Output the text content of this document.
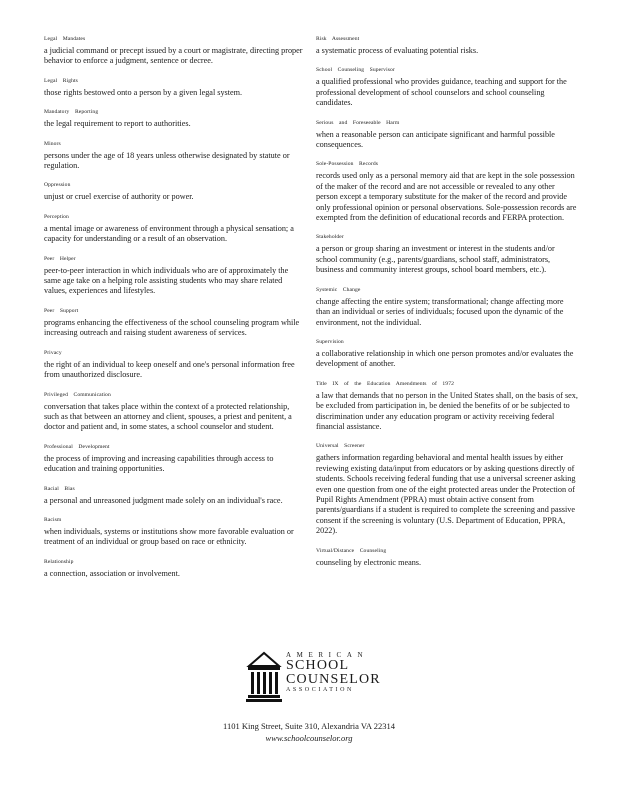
Legal Mandates
a judicial command or precept issued by a court or magistrate, directing proper behavior to enforce a judgment, sentence or decree.
Legal Rights
those rights bestowed onto a person by a given legal system.
Mandatory Reporting
the legal requirement to report to authorities.
Minors
persons under the age of 18 years unless otherwise designated by statute or regulation.
Oppression
unjust or cruel exercise of authority or power.
Perception
a mental image or awareness of environment through a physical sensation; a capacity for understanding or a result of an observation.
Peer Helper
peer-to-peer interaction in which individuals who are of approximately the same age take on a helping role assisting students who may share related values, experiences and lifestyles.
Peer Support
programs enhancing the effectiveness of the school counseling program while increasing outreach and raising student awareness of services.
Privacy
the right of an individual to keep oneself and one's personal information free from unauthorized disclosure.
Privileged Communication
conversation that takes place within the context of a protected relationship, such as that between an attorney and client, spouses, a priest and penitent, a doctor and patient and, in some states, a school counselor and student.
Professional Development
the process of improving and increasing capabilities through access to education and training opportunities.
Racial Bias
a personal and unreasoned judgment made solely on an individual's race.
Racism
when individuals, systems or institutions show more favorable evaluation or treatment of an individual or group based on race or ethnicity.
Relationship
a connection, association or involvement.
Risk Assessment
a systematic process of evaluating potential risks.
School Counseling Supervisor
a qualified professional who provides guidance, teaching and support for the professional development of school counselors and school counseling candidates.
Serious and Foreseeable Harm
when a reasonable person can anticipate significant and harmful possible consequences.
Sole-Possession Records
records used only as a personal memory aid that are kept in the sole possession of the maker of the record and are not accessible or revealed to any other person except a temporary substitute for the maker of the record and provide only professional opinion or personal observations. Sole-possession records are exempted from the definition of educational records and FERPA protection.
Stakeholder
a person or group sharing an investment or interest in the students and/or school community (e.g., parents/guardians, school staff, administrators, business and community interest groups, school board members, etc.).
Systemic Change
change affecting the entire system; transformational; change affecting more than an individual or series of individuals; focused upon the dynamic of the environment, not the individual.
Supervision
a collaborative relationship in which one person promotes and/or evaluates the development of another.
Title IX of the Education Amendments of 1972
a law that demands that no person in the United States shall, on the basis of sex, be excluded from participation in, be denied the benefits of or be subjected to discrimination under any education program or activity receiving federal financial assistance.
Universal Screener
gathers information regarding behavioral and mental health issues by either reviewing existing data/input from educators or by asking questions directly of students. Schools receiving federal funding that use a universal screener asking even one question from one of the eight protected areas under the Protection of Pupil Rights Amendment (PPRA) must obtain active consent from parents/guardians if a student is required to complete the screening and passive consent if the screening is voluntary (U.S. Department of Education, PPRA, 2022).
Virtual/Distance Counseling
counseling by electronic means.
AMERICAN
SCHOOL
COUNSELOR
ASSOCIATION
1101 King Street, Suite 310, Alexandria VA 22314
www.schoolcounselor.org
